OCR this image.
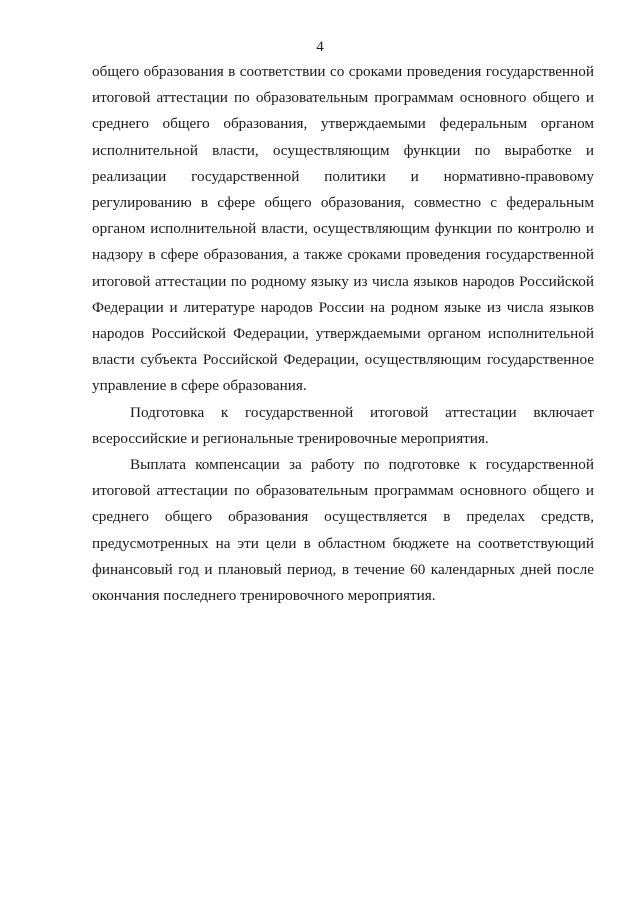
4

общего образования в соответствии со сроками проведения государственной итоговой аттестации по образовательным программам основного общего и среднего общего образования, утверждаемыми федеральным органом исполнительной власти, осуществляющим функции по выработке и реализации государственной политики и нормативно-правовому регулированию в сфере общего образования, совместно с федеральным органом исполнительной власти, осуществляющим функции по контролю и надзору в сфере образования, а также сроками проведения государственной итоговой аттестации по родному языку из числа языков народов Российской Федерации и литературе народов России на родном языке из числа языков народов Российской Федерации, утверждаемыми органом исполнительной власти субъекта Российской Федерации, осуществляющим государственное управление в сфере образования.

Подготовка к государственной итоговой аттестации включает всероссийские и региональные тренировочные мероприятия.

Выплата компенсации за работу по подготовке к государственной итоговой аттестации по образовательным программам основного общего и среднего общего образования осуществляется в пределах средств, предусмотренных на эти цели в областном бюджете на соответствующий финансовый год и плановый период, в течение 60 календарных дней после окончания последнего тренировочного мероприятия.
